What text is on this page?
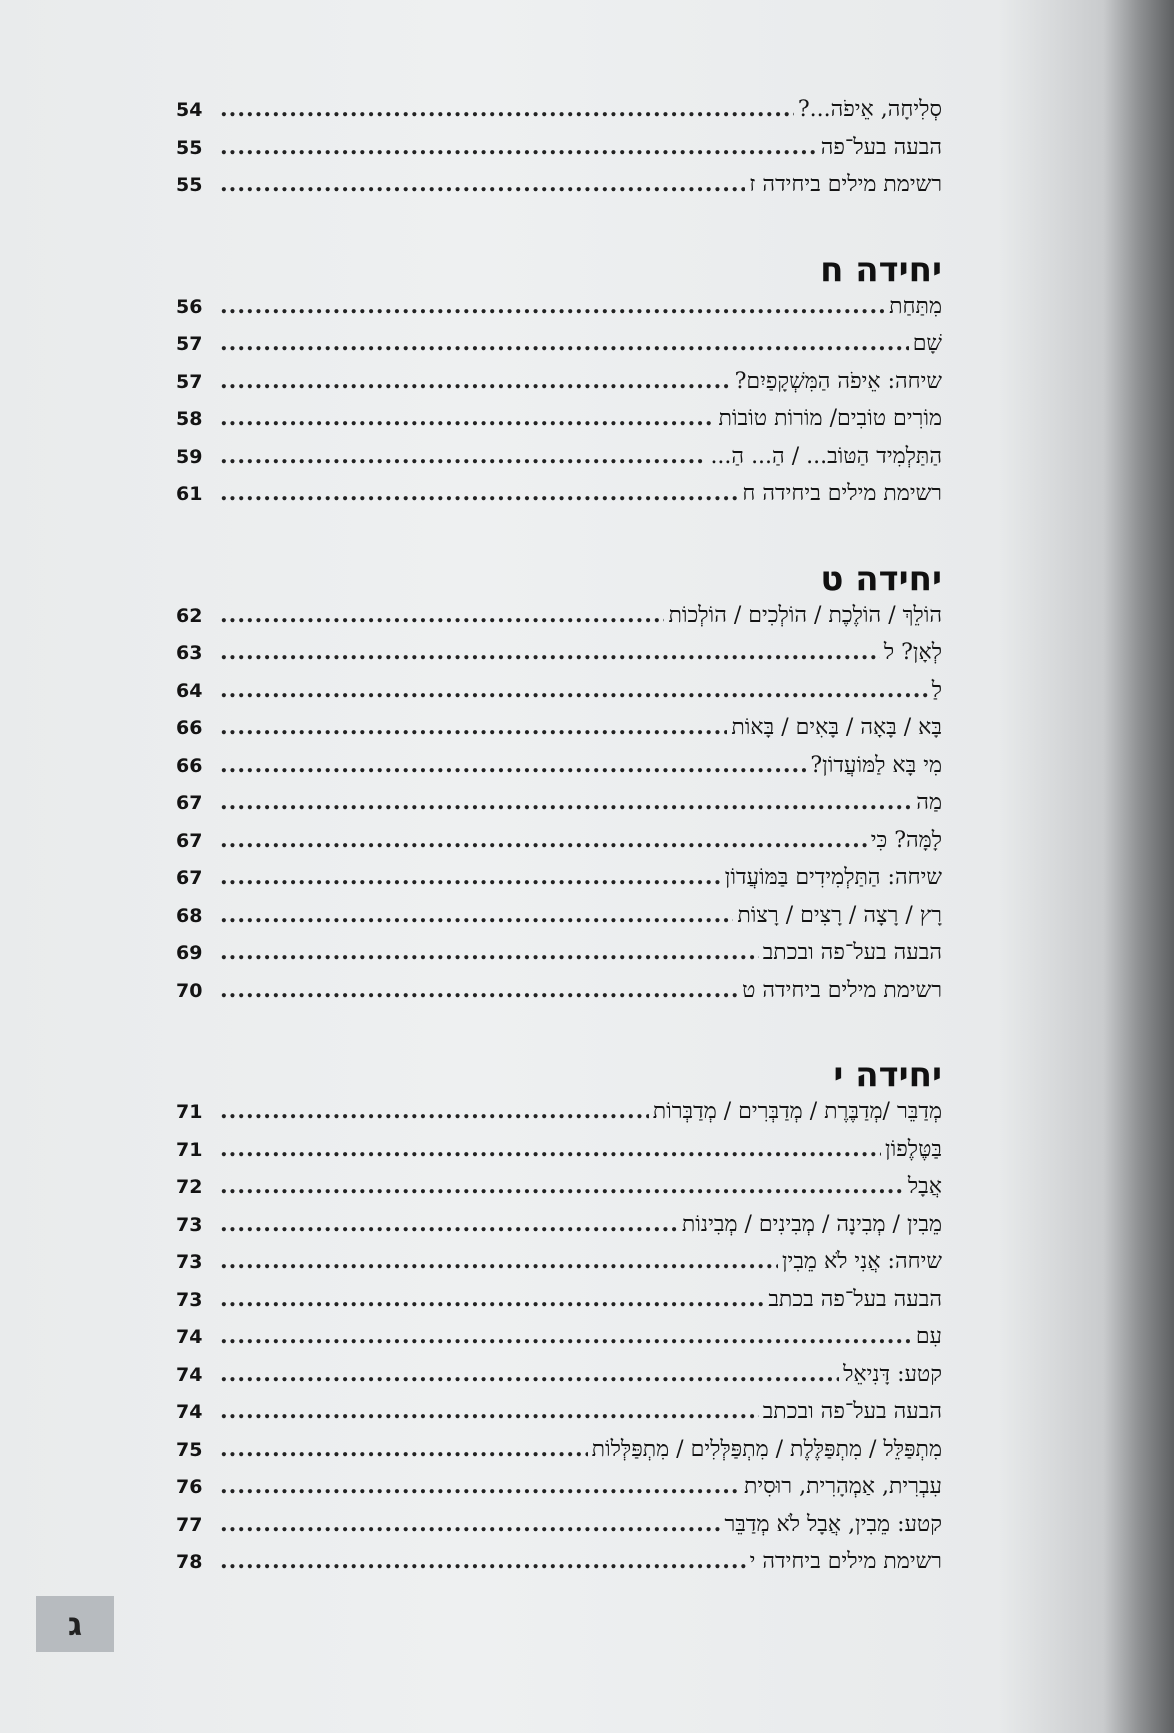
54 .....	סְלִיחָה, אֵיפֹה...?
55 .....	הבעה בעל־פה
55 .....	רשימת מילים ביחידה ז
יחידה ח
56 .....	מִתַּחַת
57 .....	שָׁם
57 .....	שיחה: אֵיפֹה הַמִּשְׁקָפַיִם?
58 .....	מוֹרִים טוֹבִים/ מוֹרוֹת טוֹבוֹת
59 .....	הַתַּלְמִיד הַטּוֹב... / הַ... הַ...
61 .....	רשימת מילים ביחידה ח
יחידה ט
62 .....	הוֹלֵךְ / הוֹלֶכֶת / הוֹלְכִים / הוֹלְכוֹת
63 .....	לְאָן? ל
64 .....	לַ
66 .....	בָּא / בָּאָה / בָּאִים / בָּאוֹת
66 .....	מִי בָּא לַמּוֹעֲדוֹן?
67 .....	מַה
67 .....	לָמָּה? כִּי
67 .....	שיחה: הַתַּלְמִידִים בַּמּוֹעֲדוֹן
68 .....	רָץ / רָצָה / רָצִים / רָצוֹת
69 .....	הבעה בעל־פה ובכתב
70 .....	רשימת מילים ביחידה ט
יחידה י
71 .....	מְדַבֵּר /מְדַבֶּרֶת / מְדַבְּרִים / מְדַבְּרוֹת
71 .....	בַּטֶּלֶפוֹן
72 .....	אֲבָל
73 .....	מֵבִין / מְבִינָה / מְבִינִים / מְבִינוֹת
73 .....	שיחה: אֲנִי לֹא מֵבִין
73 .....	הבעה בעל־פה בכתב
74 .....	עִם
74 .....	קטע: דָּנִיאֵל
74 .....	הבעה בעל־פה ובכתב
75 .....	מִתְפַּלֵּל / מִתְפַּלֶּלֶת / מִתְפַּלְּלִים / מִתְפַּלְּלוֹת
76 .....	עִבְרִית, אַמְהָרִית, רוּסִית
77 .....	קטע: מֵבִין, אֲבָל לֹא מְדַבֵּר
78 .....	רשימת מילים ביחידה י
ג
